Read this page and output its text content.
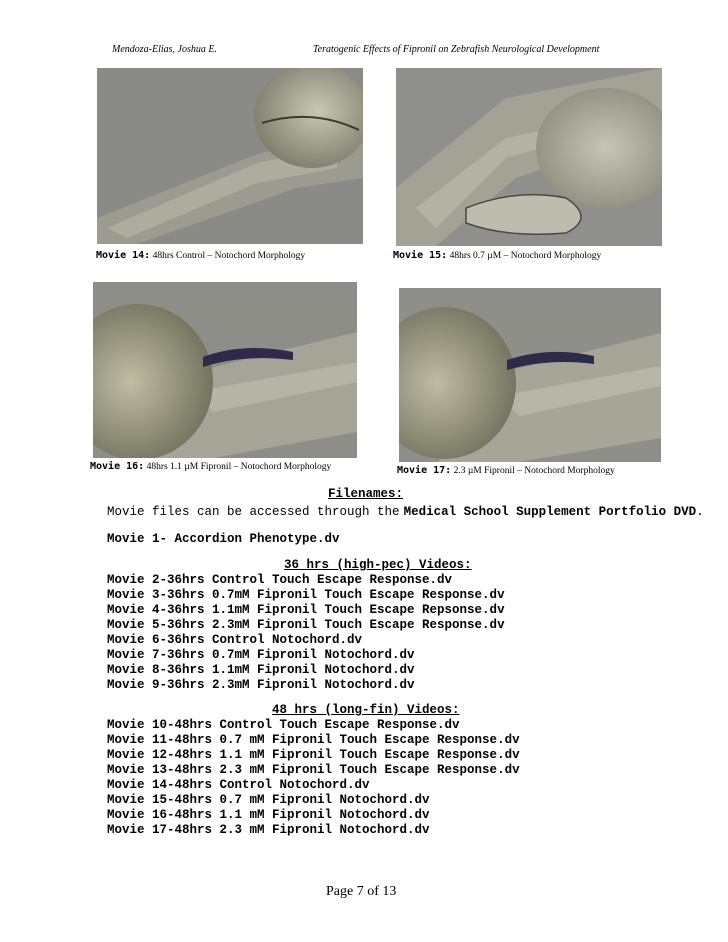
Mendoza-Elias, Joshua E.	Teratogenic Effects of Fipronil on Zebrafish Neurological Development
Movie 14: 48hrs Control – Notochord Morphology	Movie 15: 48hrs 0.7 µM – Notochord Morphology
Movie 16: 48hrs 1.1 µM Fipronil – Notochord Morphology	Movie 17: 2.3 µM Fipronil – Notochord Morphology
Filenames:
Movie files can be accessed through the Medical School Supplement Portfolio DVD.
Movie 1- Accordion Phenotype.dv
36 hrs (high-pec) Videos:
Movie 2-36hrs Control Touch Escape Response.dv
Movie 3-36hrs 0.7mM Fipronil Touch Escape Response.dv
Movie 4-36hrs 1.1mM Fipronil Touch Escape Repsonse.dv
Movie 5-36hrs 2.3mM Fipronil Touch Escape Response.dv
Movie 6-36hrs Control Notochord.dv
Movie 7-36hrs 0.7mM Fipronil Notochord.dv
Movie 8-36hrs 1.1mM Fipronil Notochord.dv
Movie 9-36hrs 2.3mM Fipronil Notochord.dv
48 hrs (long-fin) Videos:
Movie 10-48hrs Control Touch Escape Response.dv
Movie 11-48hrs 0.7 mM Fipronil Touch Escape Response.dv
Movie 12-48hrs 1.1 mM Fipronil Touch Escape Response.dv
Movie 13-48hrs 2.3 mM Fipronil Touch Escape Response.dv
Movie 14-48hrs Control Notochord.dv
Movie 15-48hrs 0.7 mM Fipronil Notochord.dv
Movie 16-48hrs 1.1 mM Fipronil Notochord.dv
Movie 17-48hrs 2.3 mM Fipronil Notochord.dv
Page 7 of 13
